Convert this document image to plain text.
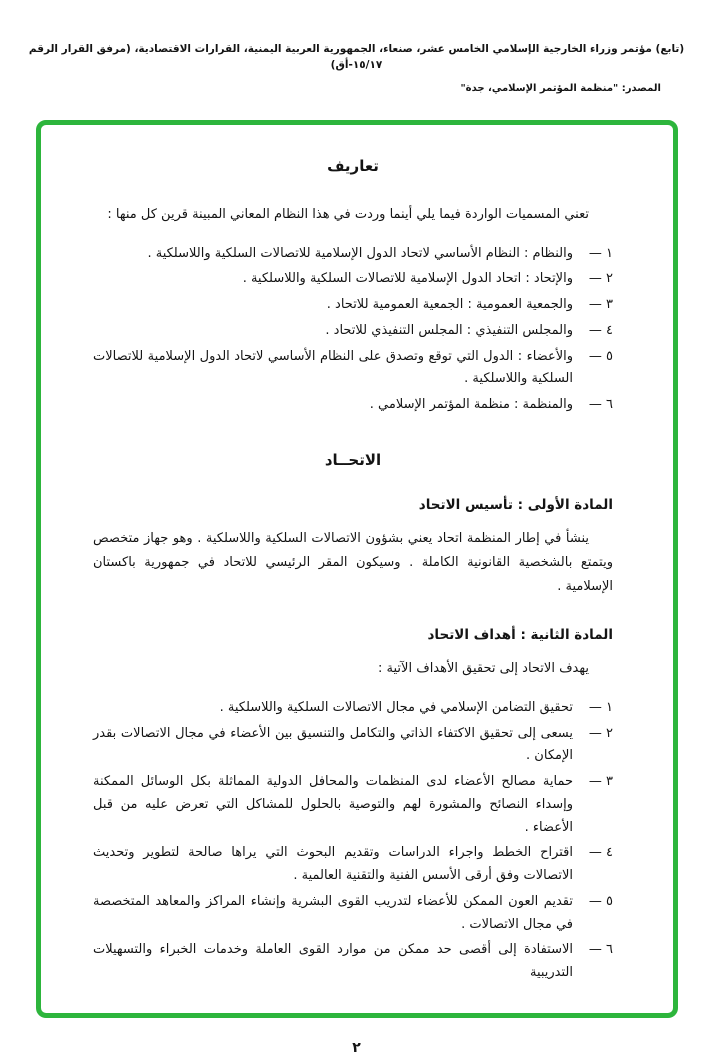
(تابع) مؤتمر وزراء الخارجية الإسلامي الخامس عشر، صنعاء، الجمهورية العربية اليمنية، القرارات الاقتصادية، (مرفق القرار الرقم ١٥/١٧-أق)
المصدر: "منظمة المؤتمر الإسلامي، جدة"
تعاريف
تعني المسميات الواردة فيما يلي أينما وردت في هذا النظام المعاني المبينة قرين كل منها :
١ —
والنظام : النظام الأساسي لاتحاد الدول الإسلامية للاتصالات السلكية واللاسلكية .
٢ —
والإتحاد : اتحاد الدول الإسلامية للاتصالات السلكية واللاسلكية .
٣ —
والجمعية العمومية : الجمعية العمومية للاتحاد .
٤ —
والمجلس التنفيذي : المجلس التنفيذي للاتحاد .
٥ —
والأعضاء : الدول التي توقع وتصدق على النظام الأساسي لاتحاد الدول الإسلامية للاتصالات السلكية واللاسلكية .
٦ —
والمنظمة : منظمة المؤتمر الإسلامي .
الاتحــاد
المادة الأولى : تأسيس الاتحاد
ينشأ في إطار المنظمة اتحاد يعني بشؤون الاتصالات السلكية واللاسلكية . وهو جهاز متخصص ويتمتع بالشخصية القانونية الكاملة . وسيكون المقر الرئيسي للاتحاد في جمهورية باكستان الإسلامية .
المادة الثانية : أهداف الاتحاد
يهدف الاتحاد إلى تحقيق الأهداف الآتية :
١ —
تحقيق التضامن الإسلامي في مجال الاتصالات السلكية واللاسلكية .
٢ —
يسعى إلى تحقيق الاكتفاء الذاتي والتكامل والتنسيق بين الأعضاء في مجال الاتصالات بقدر الإمكان .
٣ —
حماية مصالح الأعضاء لدى المنظمات والمحافل الدولية المماثلة بكل الوسائل الممكنة وإسداء النصائح والمشورة لهم والتوصية بالحلول للمشاكل التي تعرض عليه من قبل الأعضاء .
٤ —
اقتراح الخطط واجراء الدراسات وتقديم البحوث التي يراها صالحة لتطوير وتحديث الاتصالات وفق أرقى الأسس الفنية والتقنية العالمية .
٥ —
تقديم العون الممكن للأعضاء لتدريب القوى البشرية وإنشاء المراكز والمعاهد المتخصصة في مجال الاتصالات .
٦ —
الاستفادة إلى أقصى حد ممكن من موارد القوى العاملة وخدمات الخبراء والتسهيلات التدريبية
٢
